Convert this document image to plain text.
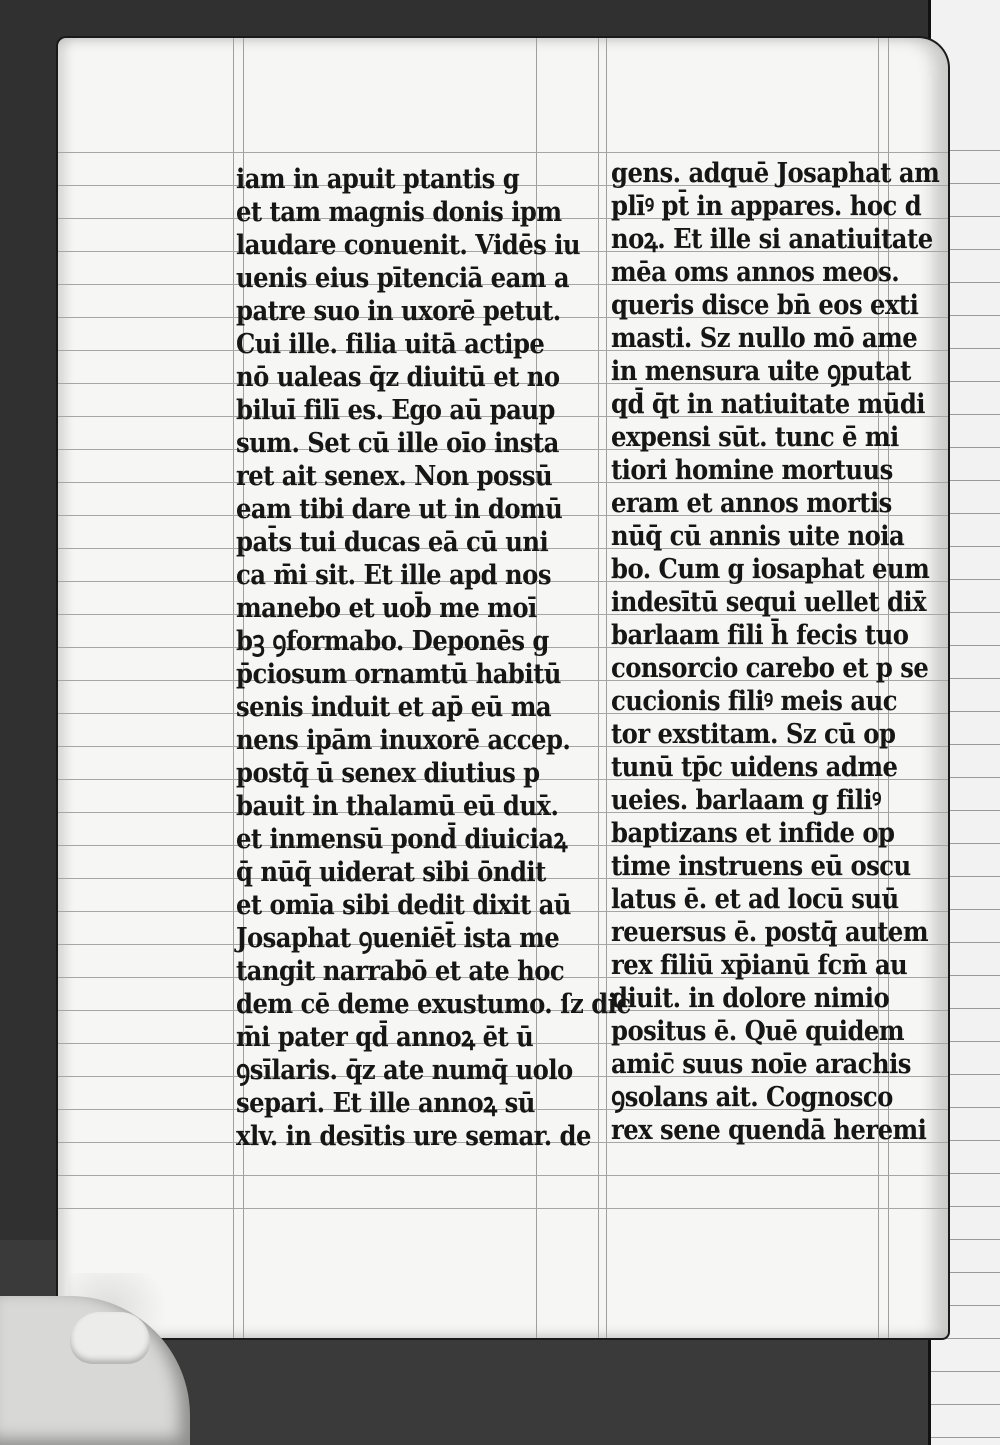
iam in apuit ptantis g
et tam magnis donis ipm
laudare conuenit. Vidēs iu
uenis eius pītenciā eam a
patre suo in uxorē petut.
Cui ille. filia uitā actipe
nō ualeas q̄z diuitū et no
biluī filī es. Ego aū paup
sum. Set cū ille oīo insta
ret ait senex. Non possū
eam tibi dare ut in domū
pat̄s tui ducas eā cū uni
ca m̄i sit. Et ille apd nos
manebo et uob̄ me moī
bꝫ ꝯformabo. Deponēs g
p̄ciosum ornamtū habitū
senis induit et ap̄ eū ma
nens ipām inuxorē accep.
postq̄ ū senex diutius p
bauit in thalamū eū dux̄.
et inmensū pond̄ diuiciaꝝ
q̄ nūq̄ uiderat sibi ōndit
et omīa sibi dedit dixit aū
Josaphat ꝯueniēt̄ ista me
tangit narrabō et ate hoc
dem cē deme exustumo. ſz dic
m̄i pater qd̄ annoꝝ ēt ū
ꝯsīlaris. q̄z ate numq̄ uolo
separi. Et ille annoꝝ sū
xlv. in desītis ure semar. de
gens. adquē Josaphat am
plīꝰ pt̄ in appares. hoc d
noꝝ. Et ille si anatiuitate
mēa oms annos meos.
queris disce bn̄ eos exti
masti. Sz nullo mō ame
in mensura uite ꝯputat
qd̄ q̄t in natiuitate mūdi
expensi sūt. tunc ē̄ mi
tiori homine mortuus
eram et annos mortis
nūq̄ cū annis uite noia
bo. Cum g iosaphat eum
indesītū sequi uellet dix̄
barlaam fili h̄ fecis tuo
consorcio carebo et p se
cucionis filiꝰ meis auc
tor exstitam. Sz cū op
tunū tp̄c uidens adme
ueies. barlaam g filiꝰ
baptizans et infide op
time instruens eū oscu
latus ē. et ad locū suū
reuersus ē. postq̄ autem
rex filiū xp̄ianū fcm̄ au
diuit. in dolore nimio
positus ē. Quē quidem
amic̄ suus noīe arachis
ꝯsolans ait. Cognosco
rex sene quendā heremi
